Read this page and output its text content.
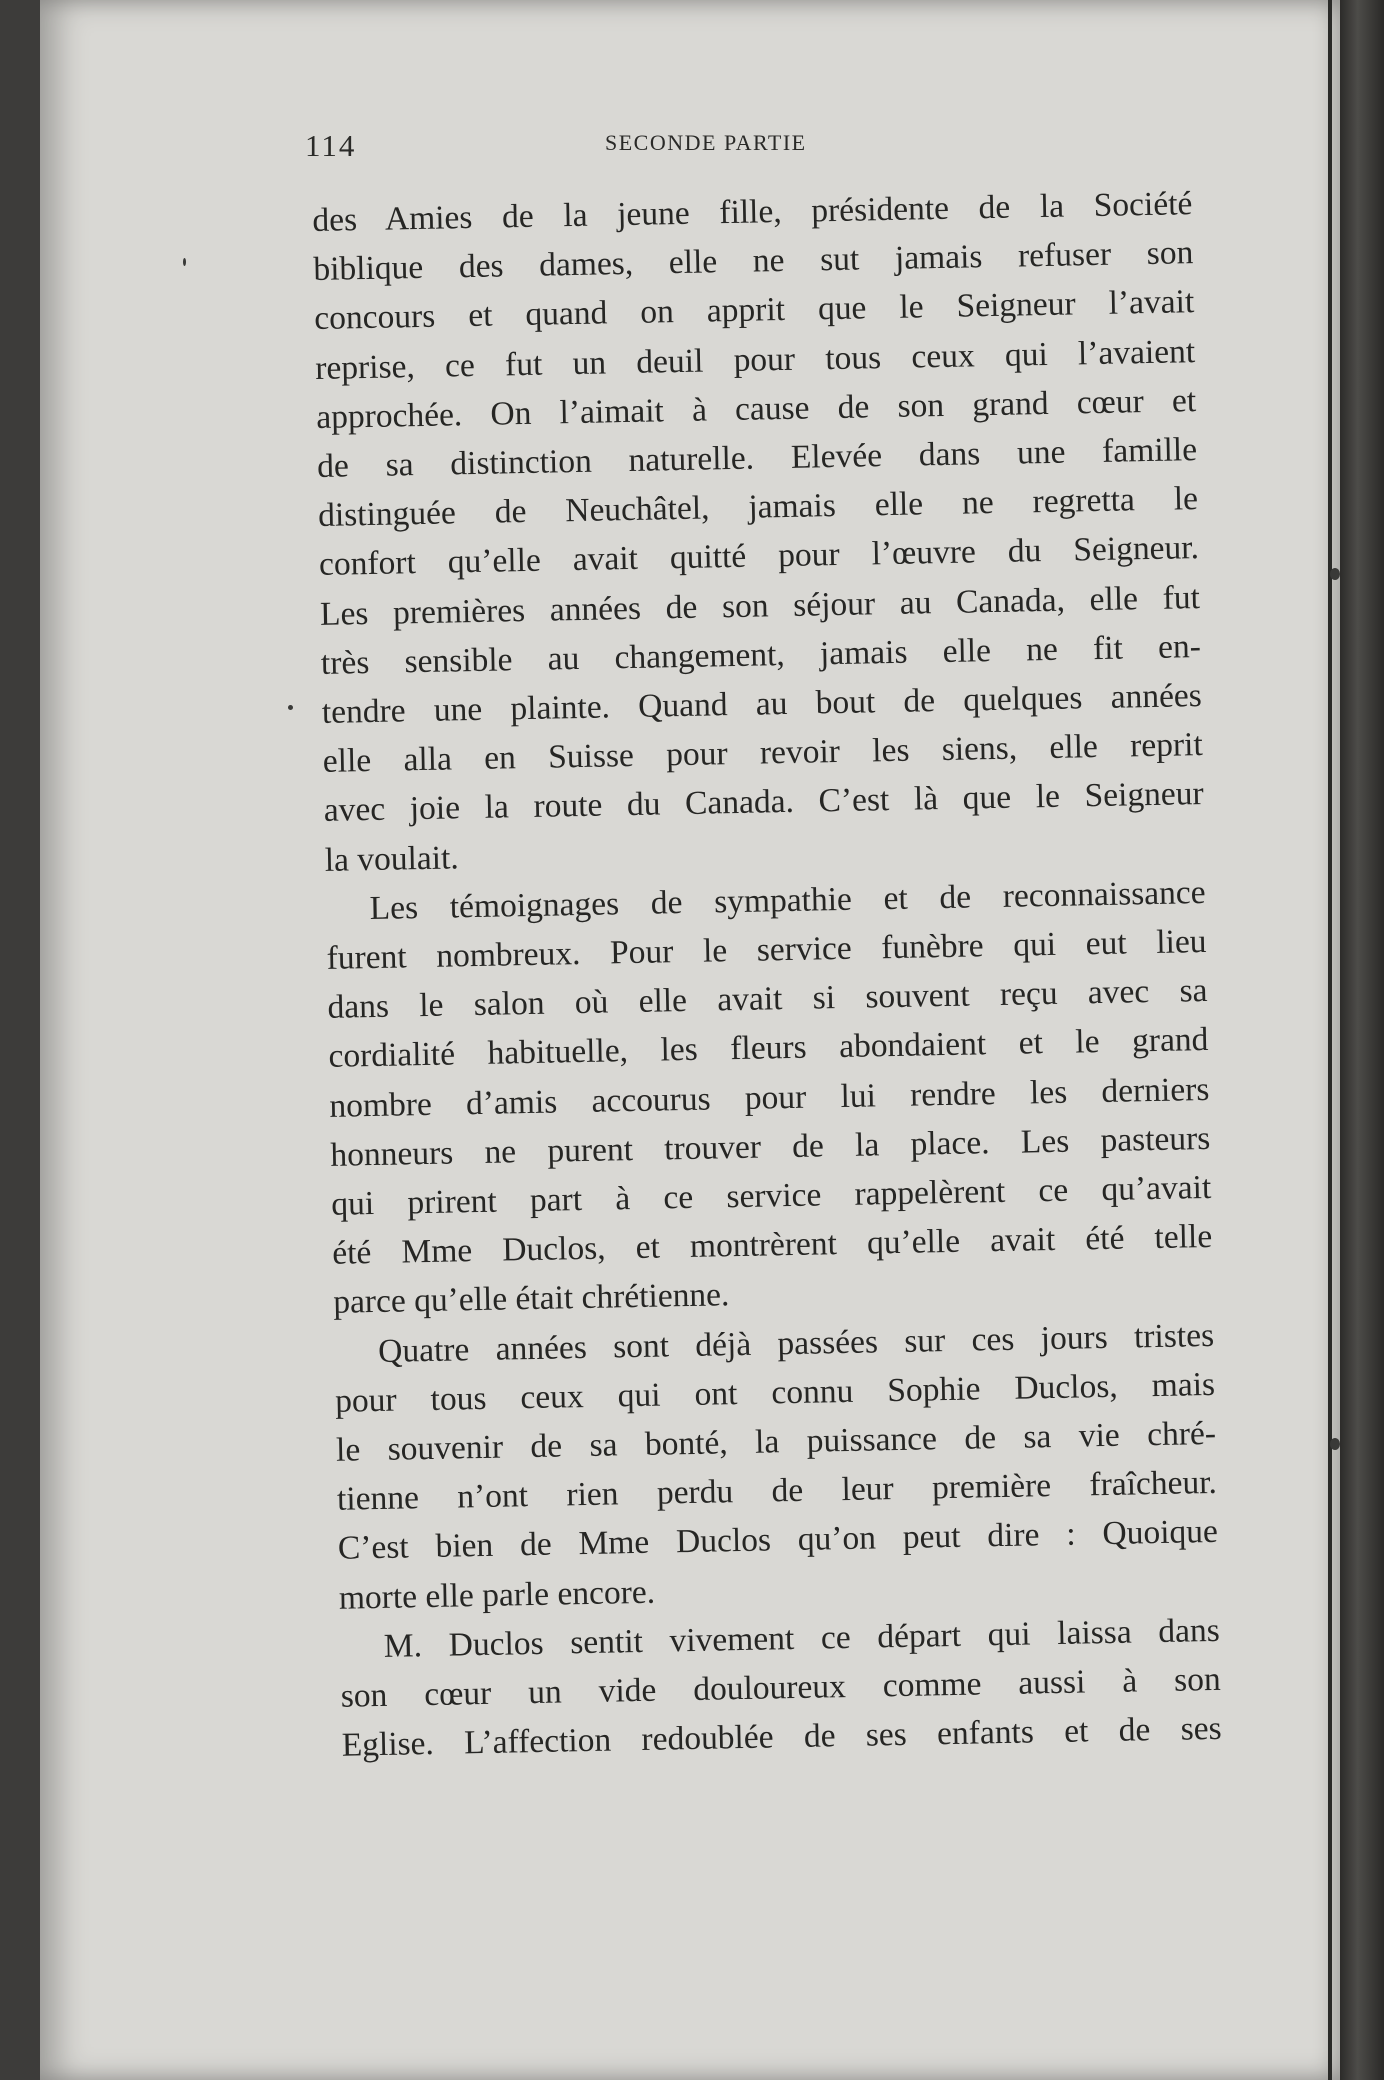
114	SECONDE PARTIE
des Amies de la jeune fille, présidente de la Société
biblique des dames, elle ne sut jamais refuser son
concours et quand on apprit que le Seigneur l’avait
reprise, ce fut un deuil pour tous ceux qui l’avaient
approchée. On l’aimait à cause de son grand cœur et
de sa distinction naturelle. Elevée dans une famille
distinguée de Neuchâtel, jamais elle ne regretta le
confort qu’elle avait quitté pour l’œuvre du Seigneur.
Les premières années de son séjour au Canada, elle fut
très sensible au changement, jamais elle ne fit en-
tendre une plainte. Quand au bout de quelques années
elle alla en Suisse pour revoir les siens, elle reprit
avec joie la route du Canada. C’est là que le Seigneur
la voulait.
Les témoignages de sympathie et de reconnaissance
furent nombreux. Pour le service funèbre qui eut lieu
dans le salon où elle avait si souvent reçu avec sa
cordialité habituelle, les fleurs abondaient et le grand
nombre d’amis accourus pour lui rendre les derniers
honneurs ne purent trouver de la place. Les pasteurs
qui prirent part à ce service rappelèrent ce qu’avait
été Mme Duclos, et montrèrent qu’elle avait été telle
parce qu’elle était chrétienne.
Quatre années sont déjà passées sur ces jours tristes
pour tous ceux qui ont connu Sophie Duclos, mais
le souvenir de sa bonté, la puissance de sa vie chré-
tienne n’ont rien perdu de leur première fraîcheur.
C’est bien de Mme Duclos qu’on peut dire : Quoique
morte elle parle encore.
M. Duclos sentit vivement ce départ qui laissa dans
son cœur un vide douloureux comme aussi à son
Eglise. L’affection redoublée de ses enfants et de ses
